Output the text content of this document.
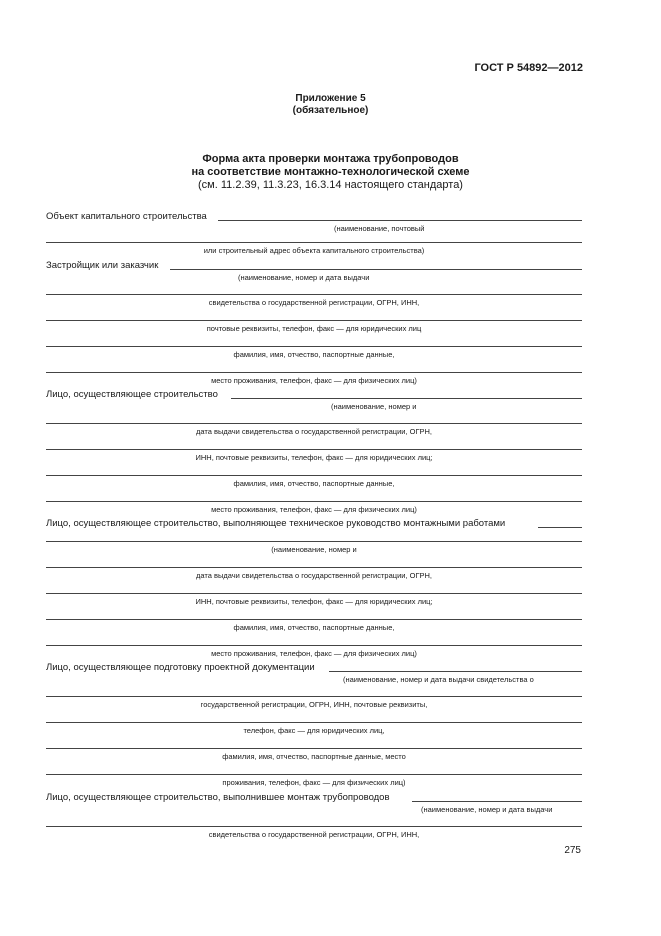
ГОСТ Р 54892—2012
Приложение 5
(обязательное)
Форма акта проверки монтажа трубопроводов
на соответствие монтажно-технологической схеме
(см. 11.2.39, 11.3.23, 16.3.14 настоящего стандарта)
Объект капитального строительства
(наименование, почтовый
или строительный адрес объекта капитального строительства)
Застройщик или заказчик
(наименование, номер и дата выдачи
свидетельства о государственной регистрации, ОГРН, ИНН,
почтовые реквизиты, телефон, факс — для юридических лиц
фамилия, имя, отчество, паспортные данные,
место проживания, телефон, факс — для физических лиц)
Лицо, осуществляющее строительство
(наименование, номер и
дата выдачи свидетельства о государственной регистрации, ОГРН,
ИНН, почтовые реквизиты, телефон, факс — для юридических лиц;
фамилия, имя, отчество, паспортные данные,
место проживания, телефон, факс — для физических лиц)
Лицо, осуществляющее строительство, выполняющее техническое руководство монтажными работами
(наименование, номер и
дата выдачи свидетельства о государственной регистрации, ОГРН,
ИНН, почтовые реквизиты, телефон, факс — для юридических лиц;
фамилия, имя, отчество, паспортные данные,
место проживания, телефон, факс — для физических лиц)
Лицо, осуществляющее подготовку проектной документации
(наименование, номер и дата выдачи свидетельства о
государственной регистрации, ОГРН, ИНН, почтовые реквизиты,
телефон, факс — для юридических лиц,
фамилия, имя, отчество, паспортные данные, место
проживания, телефон, факс — для физических лиц)
Лицо, осуществляющее строительство, выполнившее монтаж трубопроводов
(наименование, номер и дата выдачи
свидетельства о государственной регистрации, ОГРН, ИНН,
275
